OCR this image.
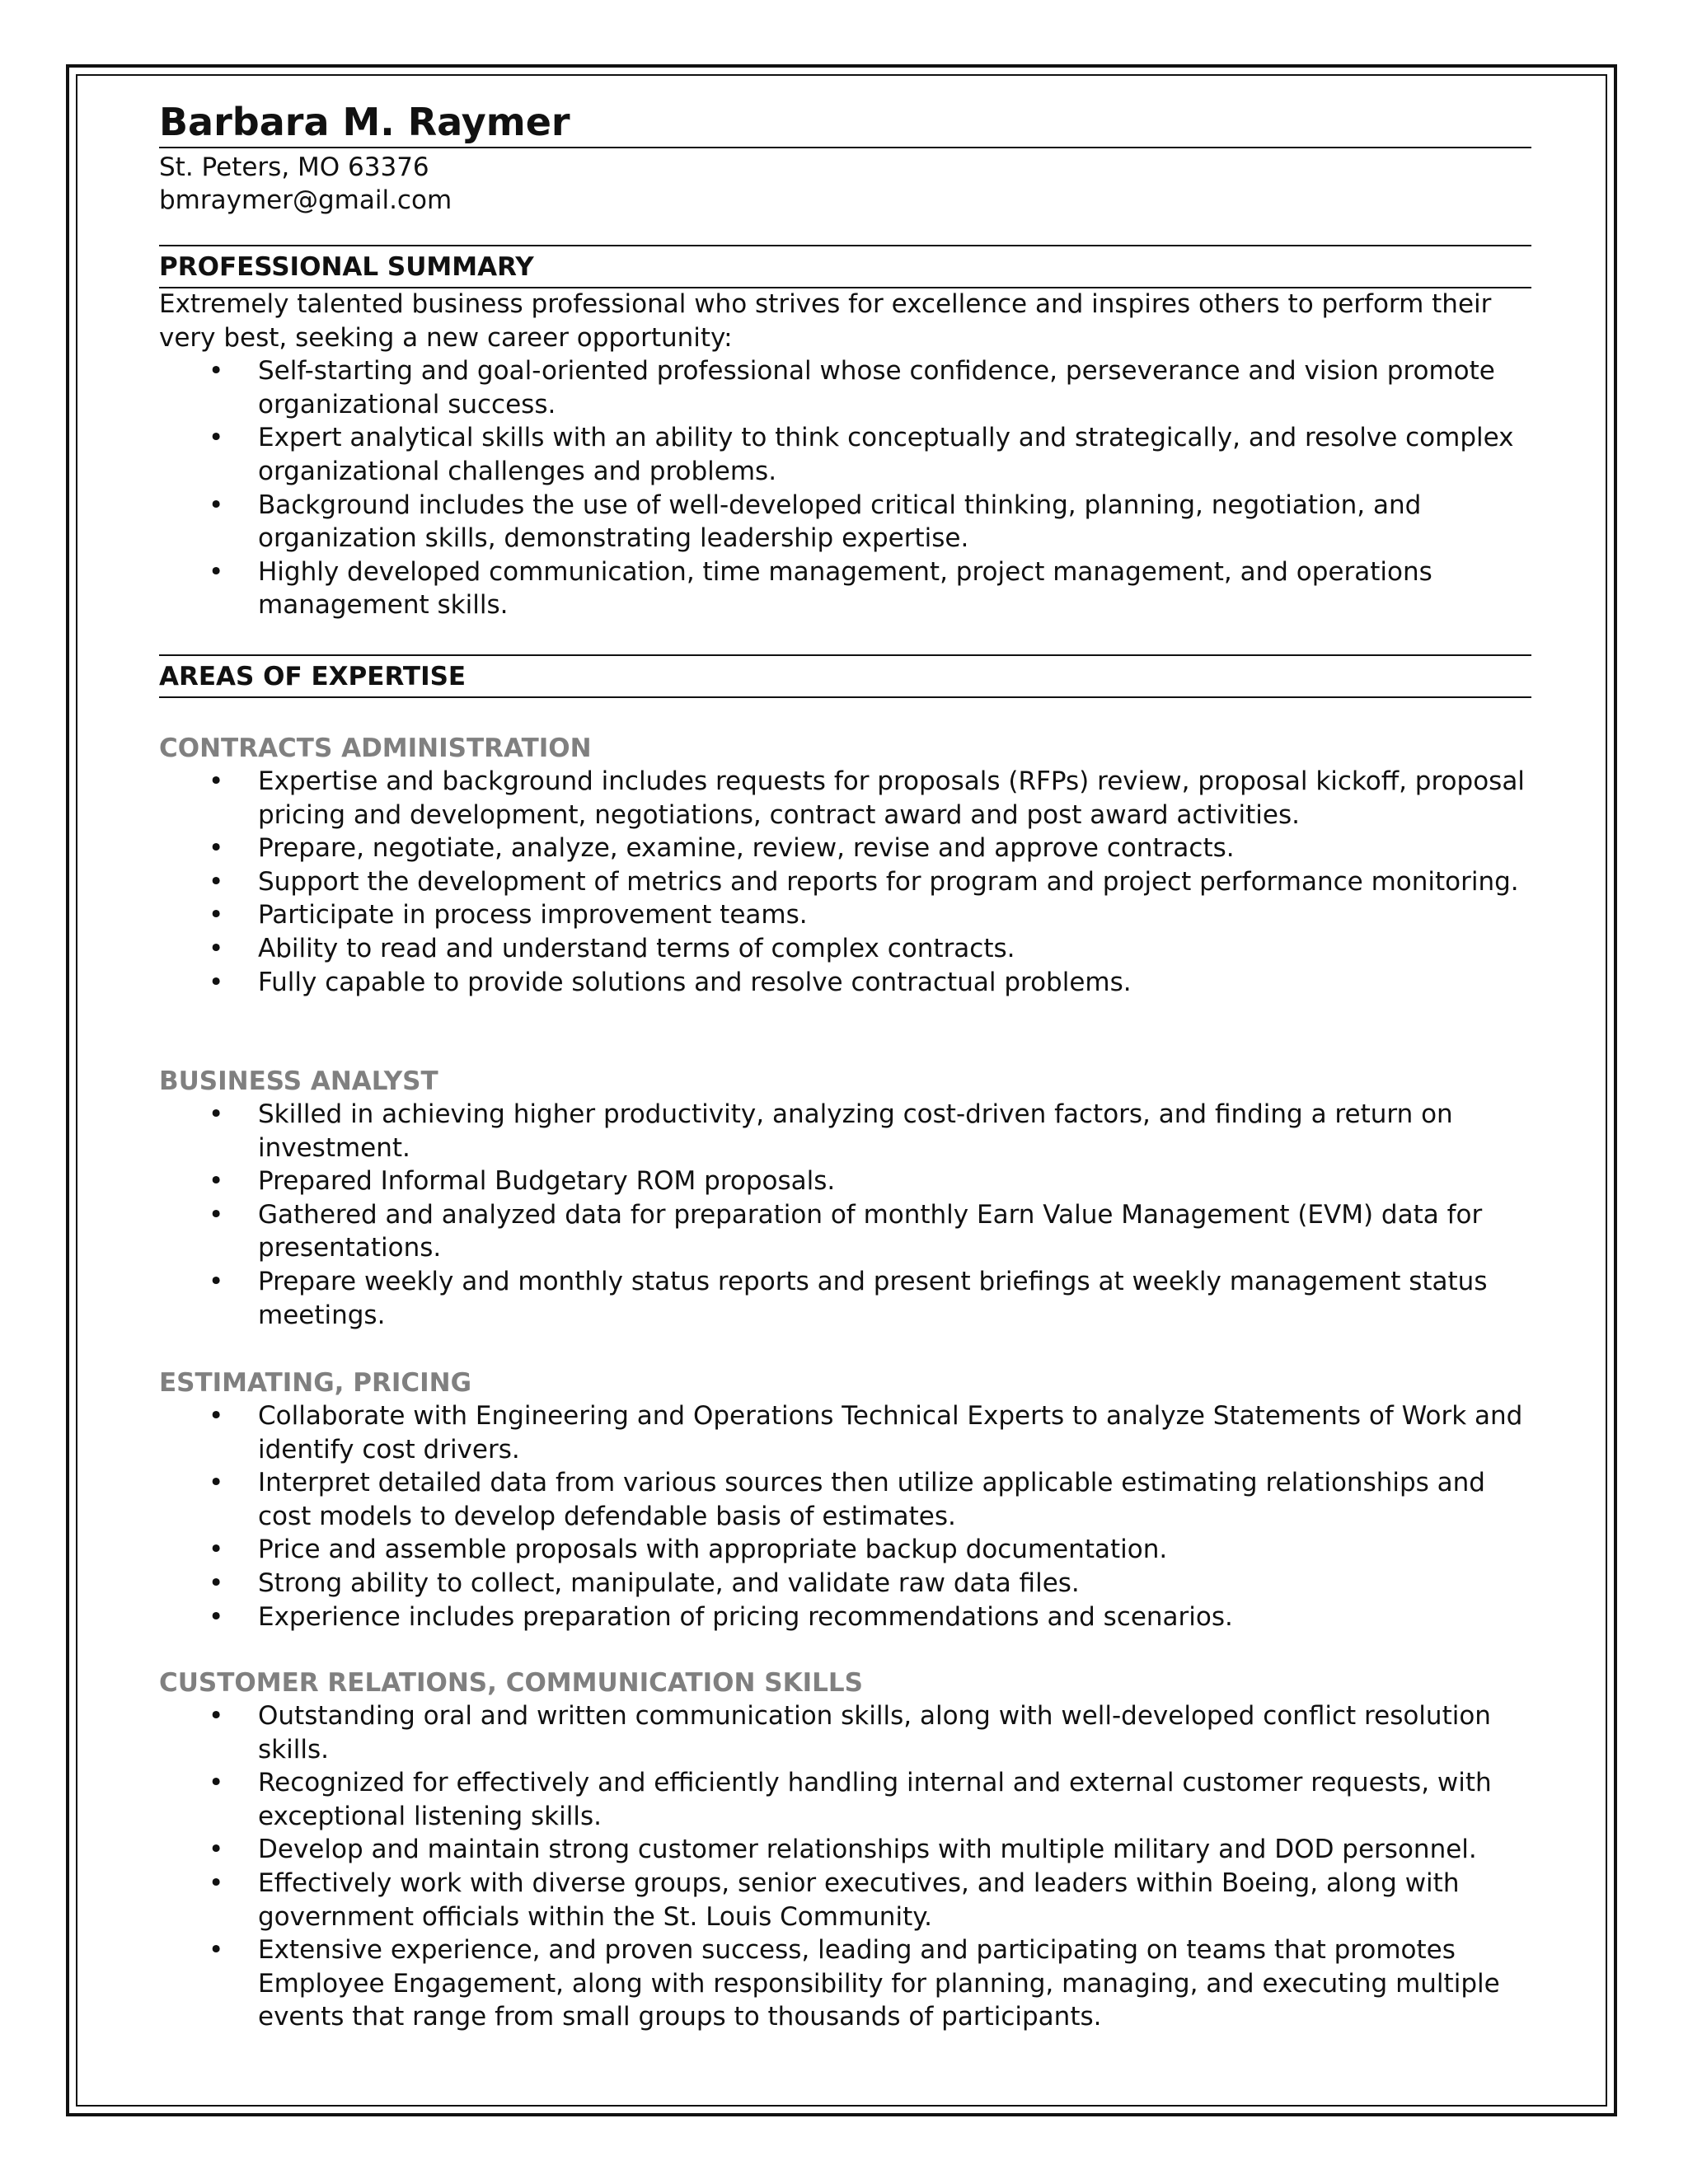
Barbara M. Raymer
St. Peters, MO 63376
bmraymer@gmail.com
PROFESSIONAL SUMMARY

Extremely talented business professional who strives for excellence and inspires others to perform their very best, seeking a new career opportunity:

• Self-starting and goal-oriented professional whose confidence, perseverance and vision promote organizational success.
• Expert analytical skills with an ability to think conceptually and strategically, and resolve complex organizational challenges and problems.
• Background includes the use of well-developed critical thinking, planning, negotiation, and organization skills, demonstrating leadership expertise.
• Highly developed communication, time management, project management, and operations management skills.
AREAS OF EXPERTISE

CONTRACTS ADMINISTRATION

• Expertise and background includes requests for proposals (RFPs) review, proposal kickoff, proposal pricing and development, negotiations, contract award and post award activities.
• Prepare, negotiate, analyze, examine, review, revise and approve contracts.
• Support the development of metrics and reports for program and project performance monitoring.
• Participate in process improvement teams.
• Ability to read and understand terms of complex contracts.
• Fully capable to provide solutions and resolve contractual problems.

BUSINESS ANALYST

• Skilled in achieving higher productivity, analyzing cost-driven factors, and finding a return on investment.
• Prepared Informal Budgetary ROM proposals.
• Gathered and analyzed data for preparation of monthly Earn Value Management (EVM) data for presentations.
• Prepare weekly and monthly status reports and present briefings at weekly management status meetings.

ESTIMATING, PRICING

• Collaborate with Engineering and Operations Technical Experts to analyze Statements of Work and identify cost drivers.
• Interpret detailed data from various sources then utilize applicable estimating relationships and cost models to develop defendable basis of estimates.
• Price and assemble proposals with appropriate backup documentation.
• Strong ability to collect, manipulate, and validate raw data files.
• Experience includes preparation of pricing recommendations and scenarios.

CUSTOMER RELATIONS, COMMUNICATION SKILLS

• Outstanding oral and written communication skills, along with well-developed conflict resolution skills.
• Recognized for effectively and efficiently handling internal and external customer requests, with exceptional listening skills.
• Develop and maintain strong customer relationships with multiple military and DOD personnel.
• Effectively work with diverse groups, senior executives, and leaders within Boeing, along with government officials within the St. Louis Community.
• Extensive experience, and proven success, leading and participating on teams that promotes Employee Engagement, along with responsibility for planning, managing, and executing multiple events that range from small groups to thousands of participants.
